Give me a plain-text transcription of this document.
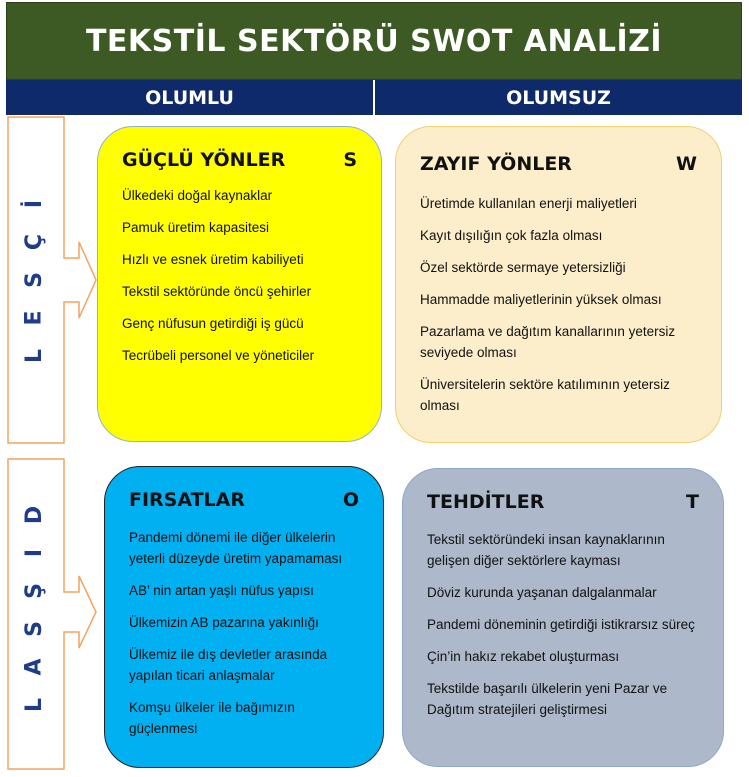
TEKSTİL SEKTÖRÜ SWOT ANALİZİ
OLUMLU	OLUMSUZ
İ
Ç
S
E
L
D
I
Ş
S
A
L
GÜÇLÜ YÖNLER	S
Ülkedeki doğal kaynaklar
Pamuk üretim kapasitesi
Hızlı ve esnek üretim kabiliyeti
Tekstil sektöründe öncü şehirler
Genç nüfusun getirdiği iş gücü
Tecrübeli personel ve yöneticiler
ZAYIF YÖNLER	W
Üretimde kullanılan enerji maliyetleri
Kayıt dışılığın çok fazla olması
Özel sektörde sermaye yetersizliği
Hammadde maliyetlerinin yüksek olması
Pazarlama ve dağıtım kanallarının yetersiz seviyede olması
Üniversitelerin sektöre katılımının yetersiz olması
FIRSATLAR	O
Pandemi dönemi ile diğer ülkelerin yeterli düzeyde üretim yapamaması
AB’ nin artan yaşlı nüfus yapısı
Ülkemizin AB pazarına yakınlığı
Ülkemiz ile dış devletler arasında yapılan ticari anlaşmalar
Komşu ülkeler ile bağımızın güçlenmesi
TEHDİTLER	T
Tekstil sektöründeki insan kaynaklarının gelişen diğer sektörlere kayması
Döviz kurunda yaşanan dalgalanmalar
Pandemi döneminin getirdiği istikrarsız süreç
Çin’in hakız rekabet oluşturması
Tekstilde başarılı ülkelerin yeni Pazar ve Dağıtım stratejileri geliştirmesi
